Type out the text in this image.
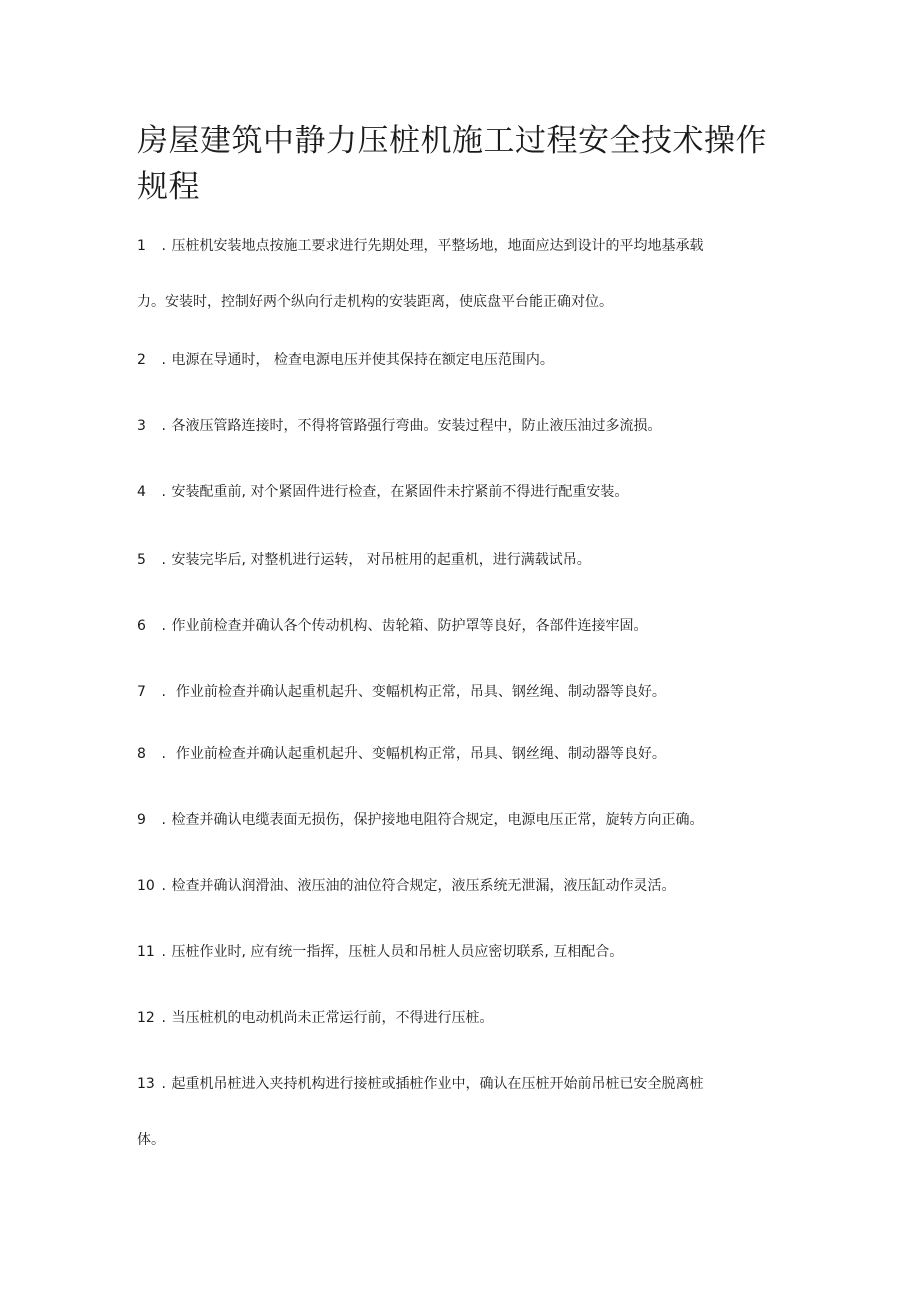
房屋建筑中静力压桩机施工过程安全技术操作规程
1 . 压桩机安装地点按施工要求进行先期处理，平整场地，地面应达到设计的平均地基承载
力。安装时，控制好两个纵向行走机构的安装距离，使底盘平台能正确对位。
2 . 电源在导通时， 检查电源电压并使其保持在额定电压范围内。
3 . 各液压管路连接时，不得将管路强行弯曲。安装过程中，防止液压油过多流损。
4 . 安装配重前, 对个紧固件进行检查，在紧固件未拧紧前不得进行配重安装。
5 . 安装完毕后, 对整机进行运转， 对吊桩用的起重机，进行满载试吊。
6 . 作业前检查并确认各个传动机构、齿轮箱、防护罩等良好，各部件连接牢固。
7 . 作业前检查并确认起重机起升、变幅机构正常，吊具、钢丝绳、制动器等良好。
8 . 作业前检查并确认起重机起升、变幅机构正常，吊具、钢丝绳、制动器等良好。
9 . 检查并确认电缆表面无损伤，保护接地电阻符合规定，电源电压正常，旋转方向正确。
10 . 检查并确认润滑油、液压油的油位符合规定，液压系统无泄漏，液压缸动作灵活。
11 . 压桩作业时, 应有统一指挥，压桩人员和吊桩人员应密切联系, 互相配合。
12 . 当压桩机的电动机尚未正常运行前，不得进行压桩。
13 . 起重机吊桩进入夹持机构进行接桩或插桩作业中，确认在压桩开始前吊桩已安全脱离桩
体。
